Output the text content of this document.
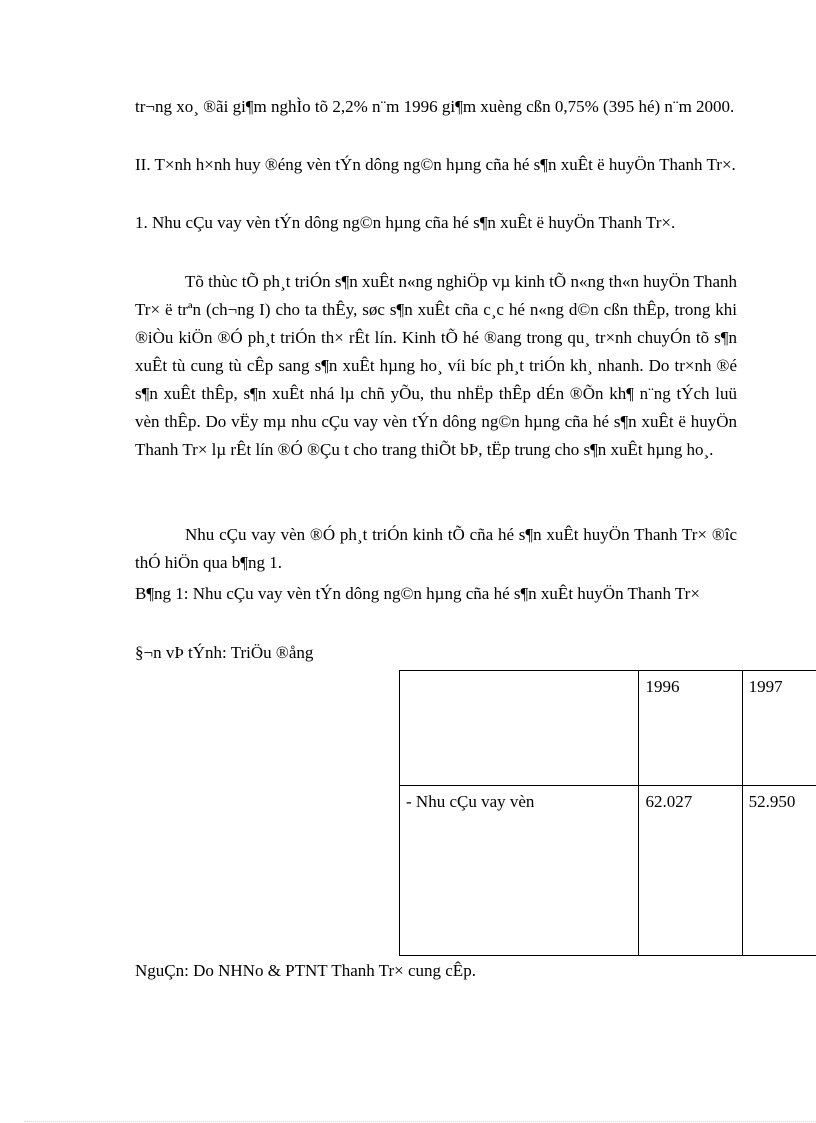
tr¬ng xo¸ ®ãi gi¶m nghÌo tõ 2,2% n¨m 1996 gi¶m xuèng cßn 0,75% (395 hé) n¨m 2000.

II. T×nh h×nh huy ®éng vèn tÝn dông ng©n hµng cña hé s¶n xuÊt ë huyÖn Thanh Tr×.

1. Nhu cÇu vay vèn tÝn dông ng©n hµng cña hé s¶n xuÊt ë huyÖn Thanh Tr×.

Tõ thùc tÕ ph¸t triÓn s¶n xuÊt n«ng nghiÖp vµ kinh tÕ n«ng th«n huyÖn Thanh Tr× ë trªn (ch¬ng I) cho ta thÊy, søc s¶n xuÊt cña c¸c hé n«ng d©n cßn thÊp, trong khi ®iÒu kiÖn ®Ó ph¸t triÓn th× rÊt lín. Kinh tÕ hé ®ang trong qu¸ tr×nh chuyÓn tõ s¶n xuÊt tù cung tù cÊp sang s¶n xuÊt hµng ho¸ víi bíc ph¸t triÓn kh¸ nhanh. Do tr×nh ®é s¶n xuÊt thÊp, s¶n xuÊt nhá lµ chñ yÕu, thu nhËp thÊp dÉn ®Õn kh¶ n¨ng tÝch luü vèn thÊp. Do vËy mµ nhu cÇu vay vèn tÝn dông ng©n hµng cña hé s¶n xuÊt ë huyÖn Thanh Tr× lµ rÊt lín ®Ó ®Çu t cho trang thiÕt bÞ, tËp trung cho s¶n xuÊt hµng ho¸.

Nhu cÇu vay vèn ®Ó ph¸t triÓn kinh tÕ cña hé s¶n xuÊt huyÖn Thanh Tr× ®îc thÓ hiÖn qua b¶ng 1.

B¶ng 1: Nhu cÇu vay vèn tÝn dông ng©n hµng cña hé s¶n xuÊt huyÖn Thanh Tr×

§¬n vÞ tÝnh: TriÖu ®ång

	1996	1997
- Nhu cÇu vay vèn	62.027	52.950

NguÇn: Do NHNo & PTNT Thanh Tr× cung cÊp.
